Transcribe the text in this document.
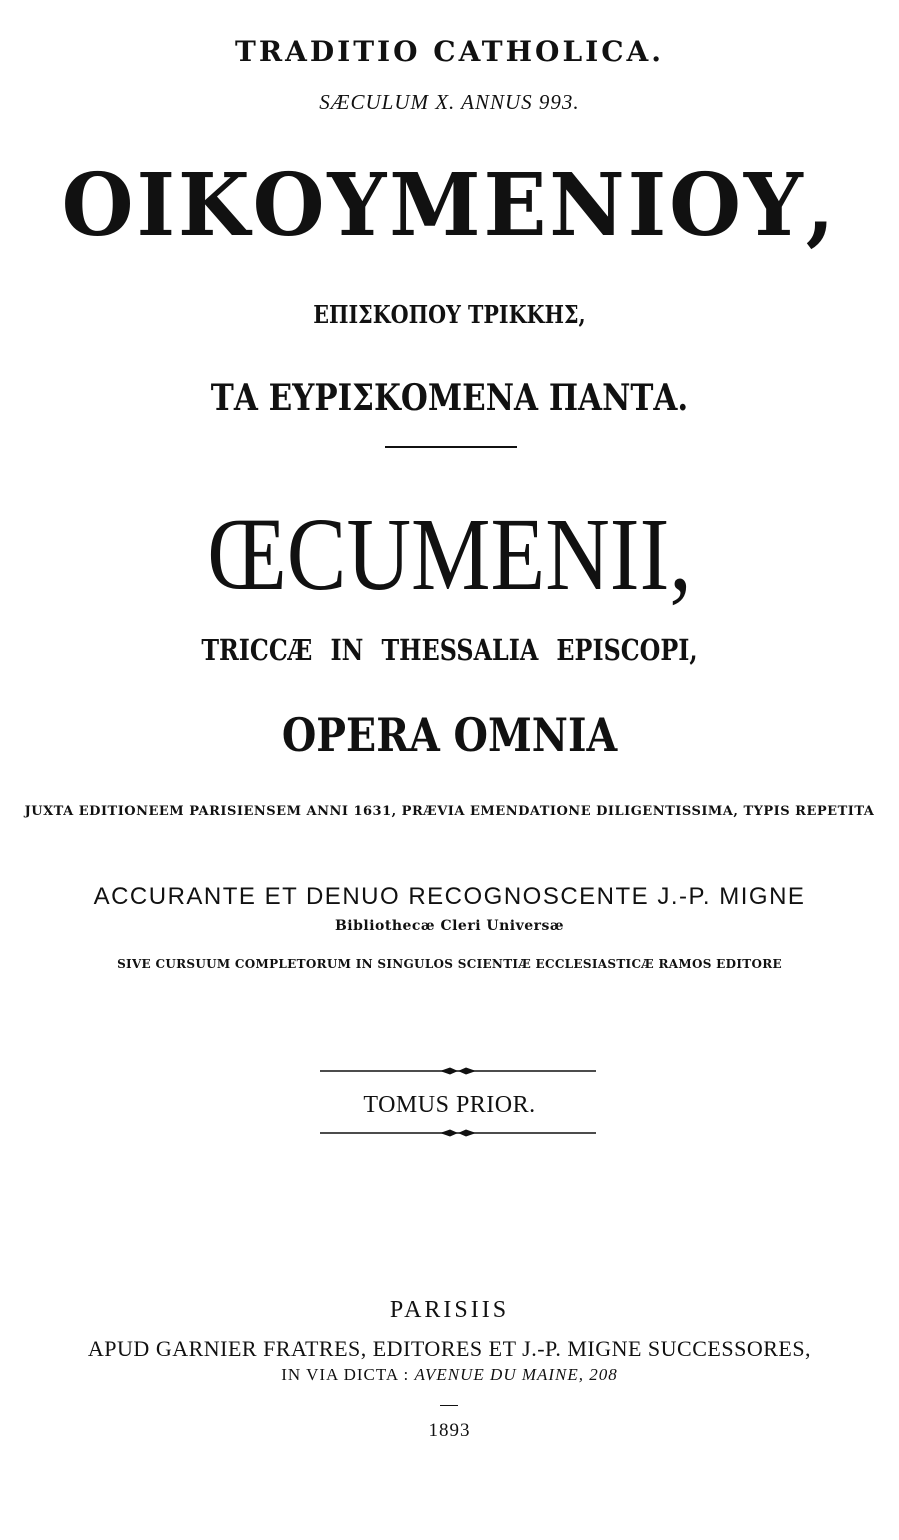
TRADITIO CATHOLICA.
SÆCULUM X. ANNUS 993.
ΟΙΚΟΥΜΕΝΙΟΥ,
ΕΠΙΣΚΟΠΟΥ ΤΡΙΚΚΗΣ,
ΤΑ ΕΥΡΙΣΚΟΜΕΝΑ ΠΑΝΤΑ.
ŒCUMENII,
TRICCÆ IN THESSALIA EPISCOPI,
OPERA OMNIA
JUXTA EDITIONEEM PARISIENSEM ANNI 1631, PRÆVIA EMENDATIONE DILIGENTISSIMA, TYPIS REPETITA
ACCURANTE ET DENUO RECOGNOSCENTE J.-P. MIGNE
Bibliothecæ Cleri Universæ
SIVE CURSUUM COMPLETORUM IN SINGULOS SCIENTIÆ ECCLESIASTICÆ RAMOS EDITORE
TOMUS PRIOR.
PARISIIS
APUD GARNIER FRATRES, EDITORES ET J.-P. MIGNE SUCCESSORES,
IN VIA DICTA : AVENUE DU MAINE, 208
1893
